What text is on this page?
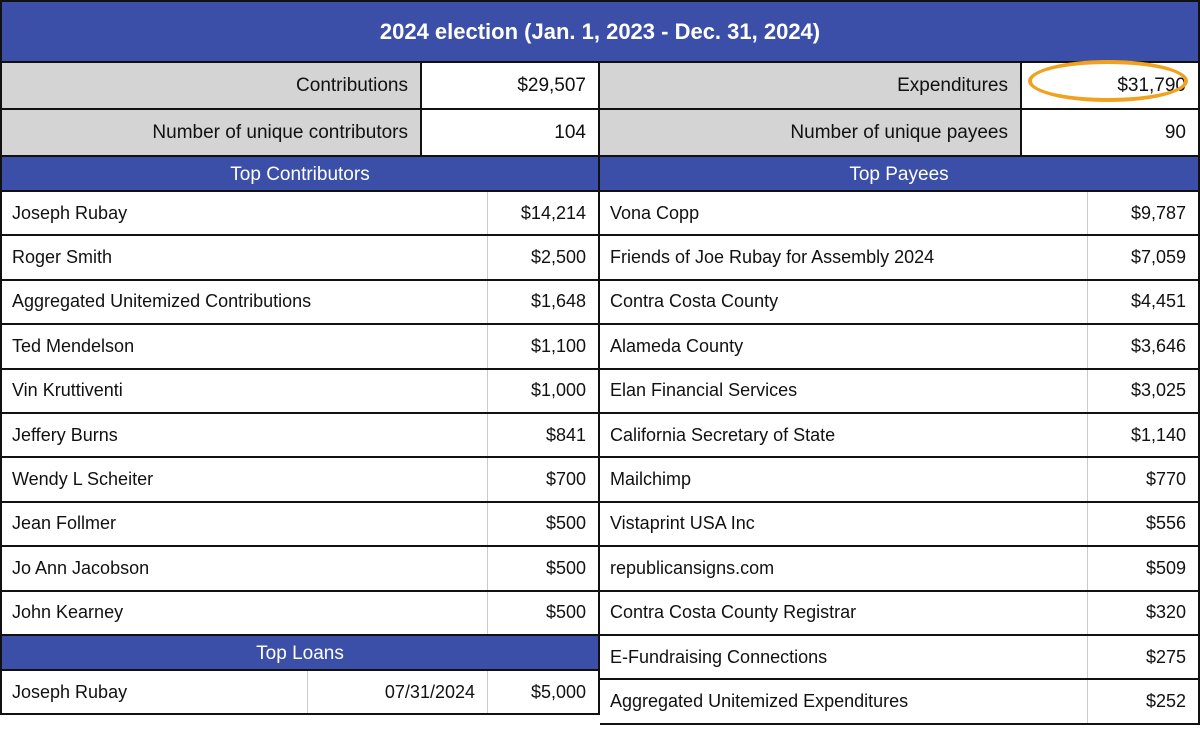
2024 election (Jan. 1, 2023 - Dec. 31, 2024)
Contributions	$29,507	Expenditures	$31,790
Number of unique contributors	104	Number of unique payees	90
Top Contributors
Joseph Rubay	$14,214
Roger Smith	$2,500
Aggregated Unitemized Contributions	$1,648
Ted Mendelson	$1,100
Vin Kruttiventi	$1,000
Jeffery Burns	$841
Wendy L Scheiter	$700
Jean Follmer	$500
Jo Ann Jacobson	$500
John Kearney	$500
Top Loans
Joseph Rubay	07/31/2024	$5,000
Top Payees
Vona Copp	$9,787
Friends of Joe Rubay for Assembly 2024	$7,059
Contra Costa County	$4,451
Alameda County	$3,646
Elan Financial Services	$3,025
California Secretary of State	$1,140
Mailchimp	$770
Vistaprint USA Inc	$556
republicansigns.com	$509
Contra Costa County Registrar	$320
E-Fundraising Connections	$275
Aggregated Unitemized Expenditures	$252
